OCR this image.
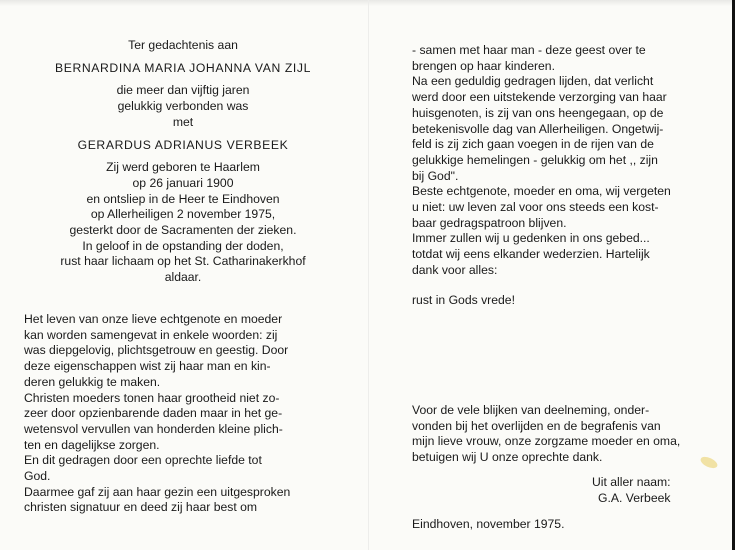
Ter gedachtenis aan
BERNARDINA MARIA JOHANNA VAN ZIJL
die meer dan vijftig jaren
gelukkig verbonden was
met
GERARDUS ADRIANUS VERBEEK
Zij werd geboren te Haarlem
op 26 januari 1900
en ontsliep in de Heer te Eindhoven
op Allerheiligen 2 november 1975,
gesterkt door de Sacramenten der zieken.
In geloof in de opstanding der doden,
rust haar lichaam op het St. Catharinakerkhof
aldaar.
Het leven van onze lieve echtgenote en moeder
kan worden samengevat in enkele woorden: zij
was diepgelovig, plichtsgetrouw en geestig. Door
deze eigenschappen wist zij haar man en kin-
deren gelukkig te maken.
Christen moeders tonen haar grootheid niet zo-
zeer door opzienbarende daden maar in het ge-
wetensvol vervullen van honderden kleine plich-
ten en dagelijkse zorgen.
En dit gedragen door een oprechte liefde tot
God.
Daarmee gaf zij aan haar gezin een uitgesproken
christen signatuur en deed zij haar best om
- samen met haar man - deze geest over te
brengen op haar kinderen.
Na een geduldig gedragen lijden, dat verlicht
werd door een uitstekende verzorging van haar
huisgenoten, is zij van ons heengegaan, op de
betekenisvolle dag van Allerheiligen. Ongetwij-
feld is zij zich gaan voegen in de rijen van de
gelukkige hemelingen - gelukkig om het ,, zijn
bij God".
Beste echtgenote, moeder en oma, wij vergeten
u niet: uw leven zal voor ons steeds een kost-
baar gedragspatroon blijven.
Immer zullen wij u gedenken in ons gebed...
totdat wij eens elkander wederzien. Hartelijk
dank voor alles:
rust in Gods vrede!
Voor de vele blijken van deelneming, onder-
vonden bij het overlijden en de begrafenis van
mijn lieve vrouw, onze zorgzame moeder en oma,
betuigen wij U onze oprechte dank.
Uit aller naam:
G.A. Verbeek
Eindhoven, november 1975.
